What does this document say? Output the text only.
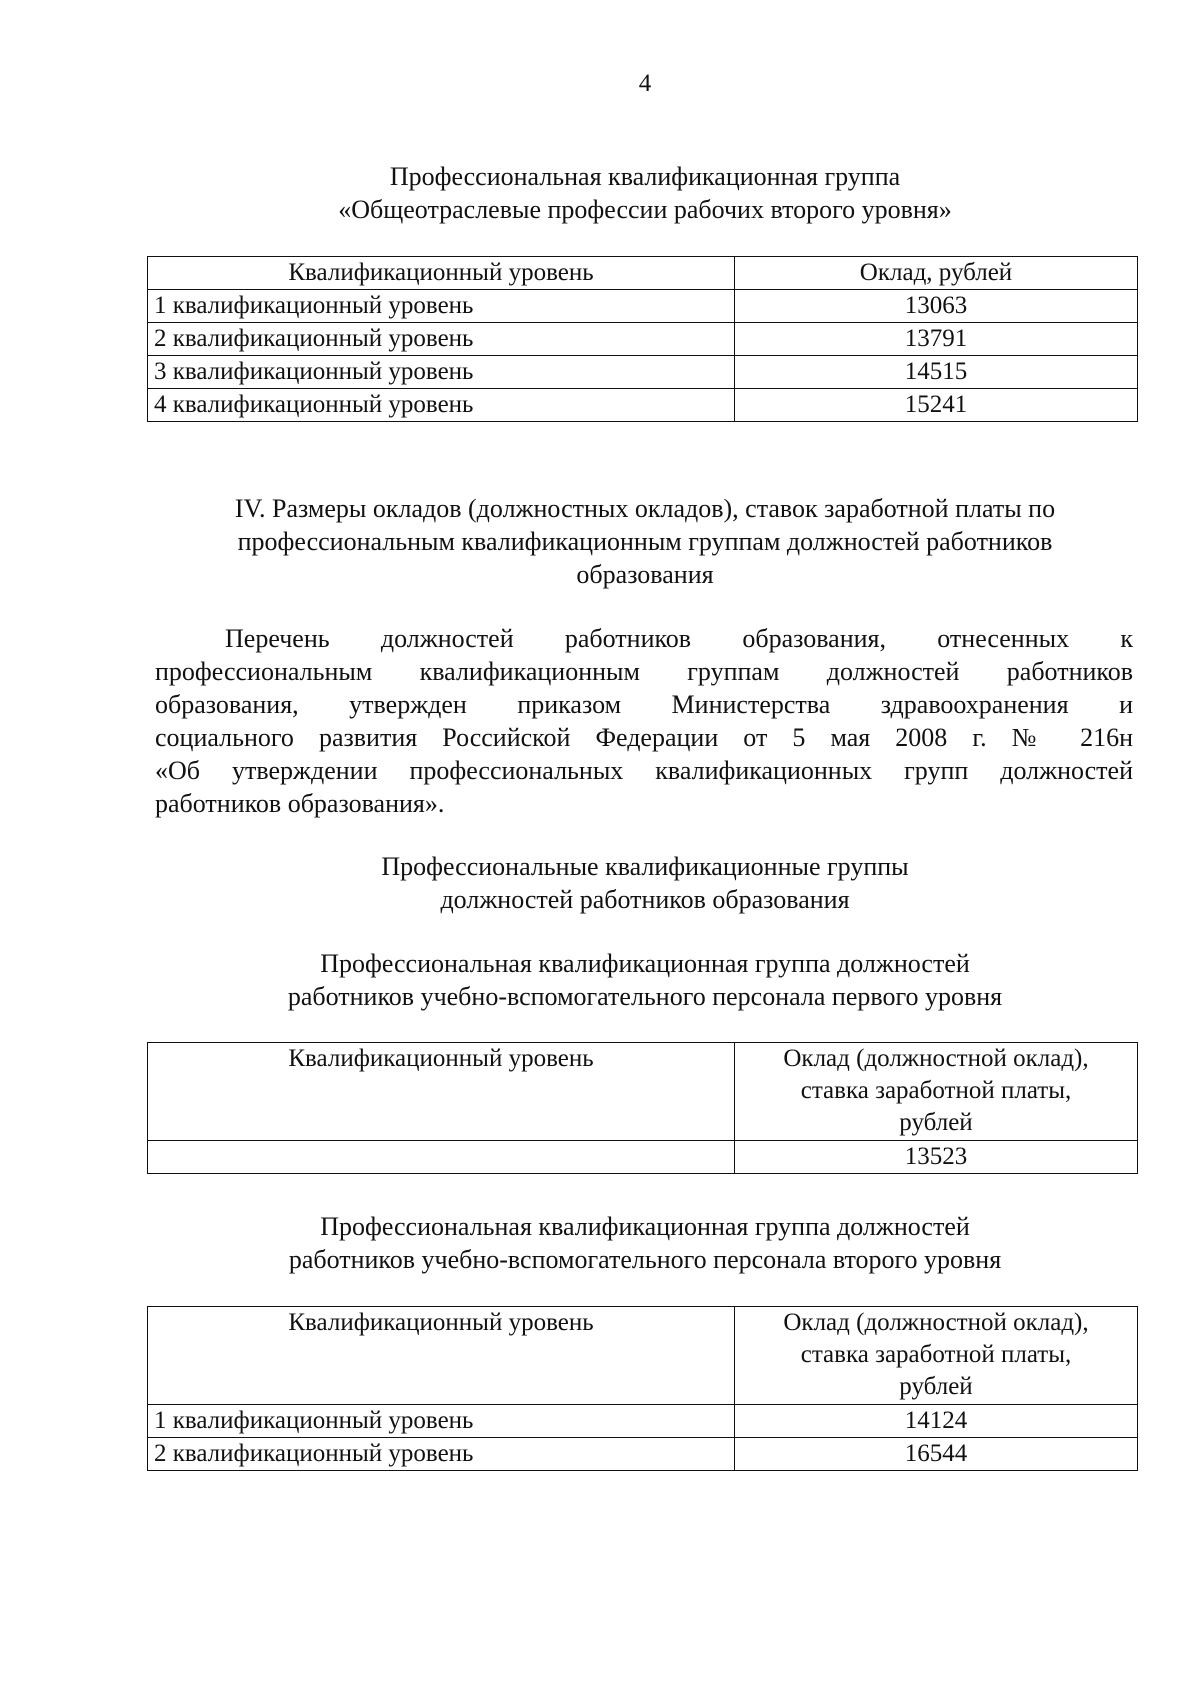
4
Профессиональная квалификационная группа
«Общеотраслевые профессии рабочих второго уровня»
Квалификационный уровень	Оклад, рублей
1 квалификационный уровень	13063
2 квалификационный уровень	13791
3 квалификационный уровень	14515
4 квалификационный уровень	15241
IV. Размеры окладов (должностных окладов), ставок заработной платы по
профессиональным квалификационным группам должностей работников
образования
Перечень должностей работников образования, отнесенных к
профессиональным квалификационным группам должностей работников
образования, утвержден приказом Министерства здравоохранения и
социального развития Российской Федерации от 5 мая 2008 г. № 216н
«Об утверждении профессиональных квалификационных групп должностей
работников образования».
Профессиональные квалификационные группы
должностей работников образования
Профессиональная квалификационная группа должностей
работников учебно-вспомогательного персонала первого уровня
Квалификационный уровень	Оклад (должностной оклад),
ставка заработной платы,
рублей

	13523
Профессиональная квалификационная группа должностей
работников учебно-вспомогательного персонала второго уровня
Квалификационный уровень	Оклад (должностной оклад),
ставка заработной платы,
рублей

1 квалификационный уровень	14124
2 квалификационный уровень	16544
